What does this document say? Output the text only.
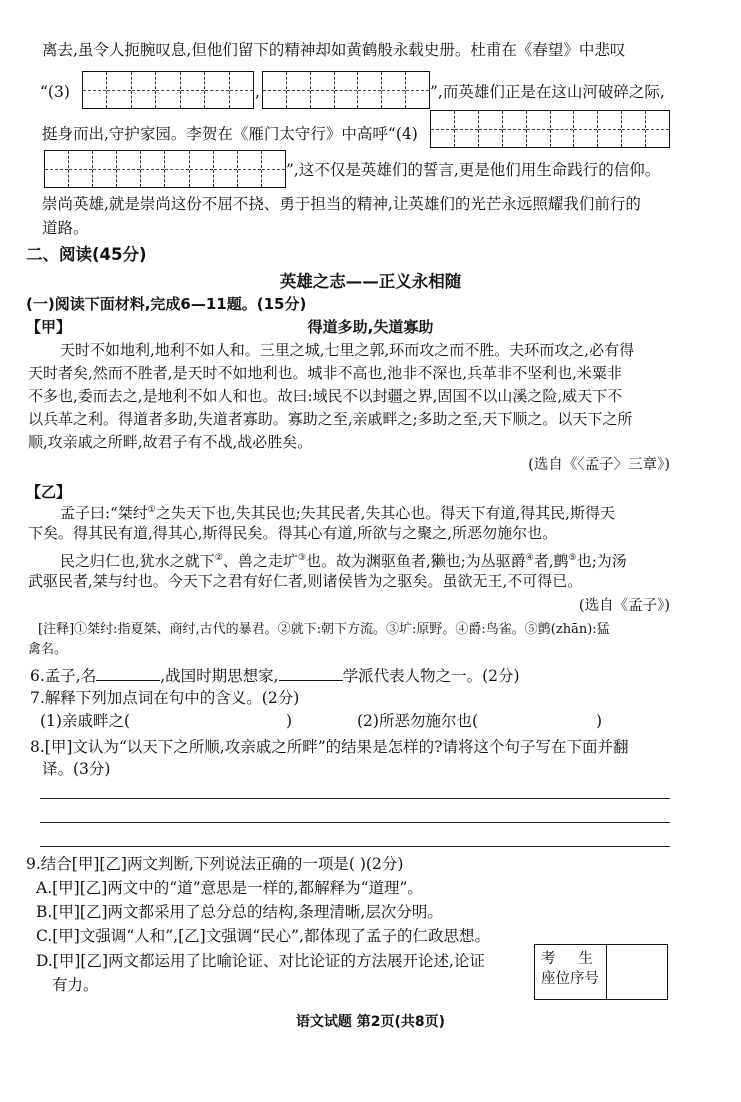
离去,虽令人扼腕叹息,但他们留下的精神却如黄鹤般永载史册。杜甫在《春望》中悲叹
“(3)	,	”,而英雄们正是在这山河破碎之际,
挺身而出,守护家园。李贺在《雁门太守行》中高呼“(4)
”,这不仅是英雄们的誓言,更是他们用生命践行的信仰。
崇尚英雄,就是崇尚这份不屈不挠、勇于担当的精神,让英雄们的光芒永远照耀我们前行的
道路。
二、阅读(45分)
英雄之志——正义永相随
(一)阅读下面材料,完成6—11题。(15分)
【甲】	得道多助,失道寡助
天时不如地利,地利不如人和。三里之城,七里之郭,环而攻之而不胜。夫环而攻之,必有得
天时者矣,然而不胜者,是天时不如地利也。城非不高也,池非不深也,兵革非不坚利也,米粟非
不多也,委而去之,是地利不如人和也。故曰:域民不以封疆之界,固国不以山溪之险,威天下不
以兵革之利。得道者多助,失道者寡助。寡助之至,亲戚畔之;多助之至,天下顺之。以天下之所
顺,攻亲戚之所畔,故君子有不战,战必胜矣。
(选自《〈孟子〉三章》)
【乙】
孟子曰:“桀纣①之失天下也,失其民也;失其民者,失其心也。得天下有道,得其民,斯得天
下矣。得其民有道,得其心,斯得民矣。得其心有道,所欲与之聚之,所恶勿施尔也。
民之归仁也,犹水之就下②、兽之走圹③也。故为渊驱鱼者,獭也;为丛驱爵④者,鹯⑤也;为汤
武驱民者,桀与纣也。今天下之君有好仁者,则诸侯皆为之驱矣。虽欲无王,不可得已。
(选自《孟子》)
[注释]①桀纣:指夏桀、商纣,古代的暴君。②就下:朝下方流。③圹:原野。④爵:鸟雀。⑤鹯(zhān):猛
禽名。
6.孟子,名	,战国时期思想家,	学派代表人物之一。(2分)
7.解释下列加点词在句中的含义。(2分)
(1)亲戚畔之(	)	(2)所恶勿施尔也(	)
8.[甲]文认为“以天下之所顺,攻亲戚之所畔”的结果是怎样的?请将这个句子写在下面并翻
译。(3分)
9.结合[甲][乙]两文判断,下列说法正确的一项是( )(2分)
A.[甲][乙]两文中的“道”意思是一样的,都解释为“道理”。
B.[甲][乙]两文都采用了总分总的结构,条理清晰,层次分明。
C.[甲]文强调“人和”,[乙]文强调“民心”,都体现了孟子的仁政思想。
D.[甲][乙]两文都运用了比喻论证、对比论证的方法展开论述,论证
有力。
考     生
座位序号
语文试题 第2页(共8页)
